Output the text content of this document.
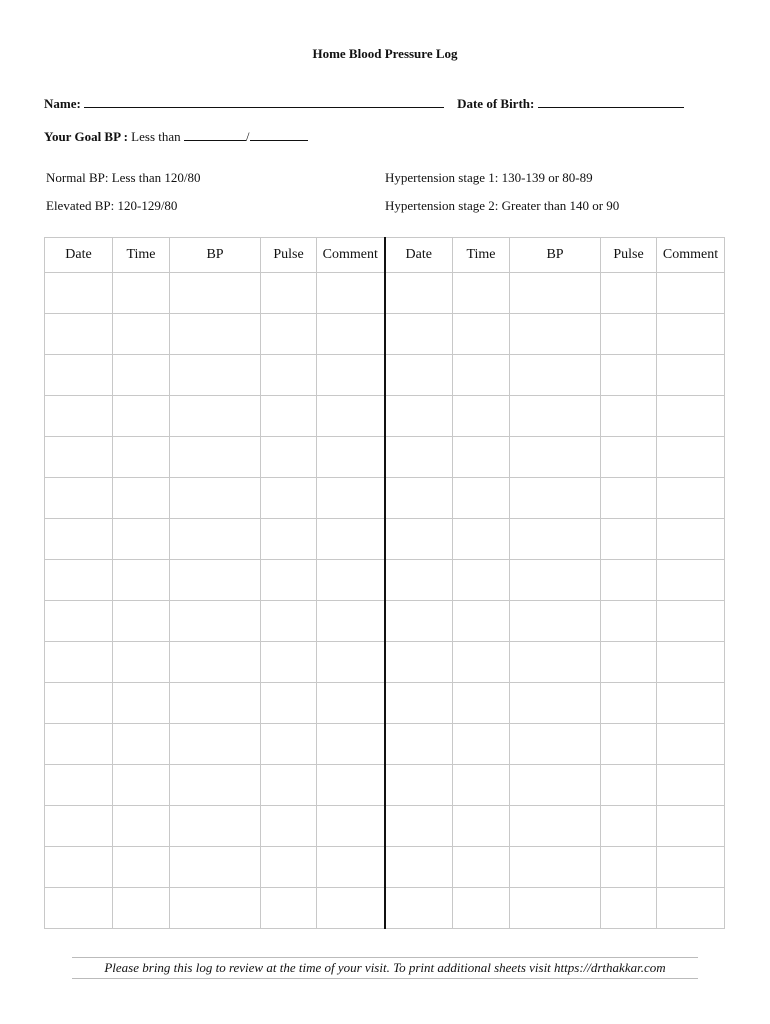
Home Blood Pressure Log
Name:	Date of Birth:
Your Goal BP : Less than	/
Normal BP: Less than 120/80
Elevated BP: 120-129/80
Hypertension stage 1: 130-139 or 80-89
Hypertension stage 2: Greater than 140 or 90
Date	Time	BP	Pulse	Comment	Date	Time	BP	Pulse	Comment

Please bring this log to review at the time of your visit. To print additional sheets visit https://drthakkar.com
